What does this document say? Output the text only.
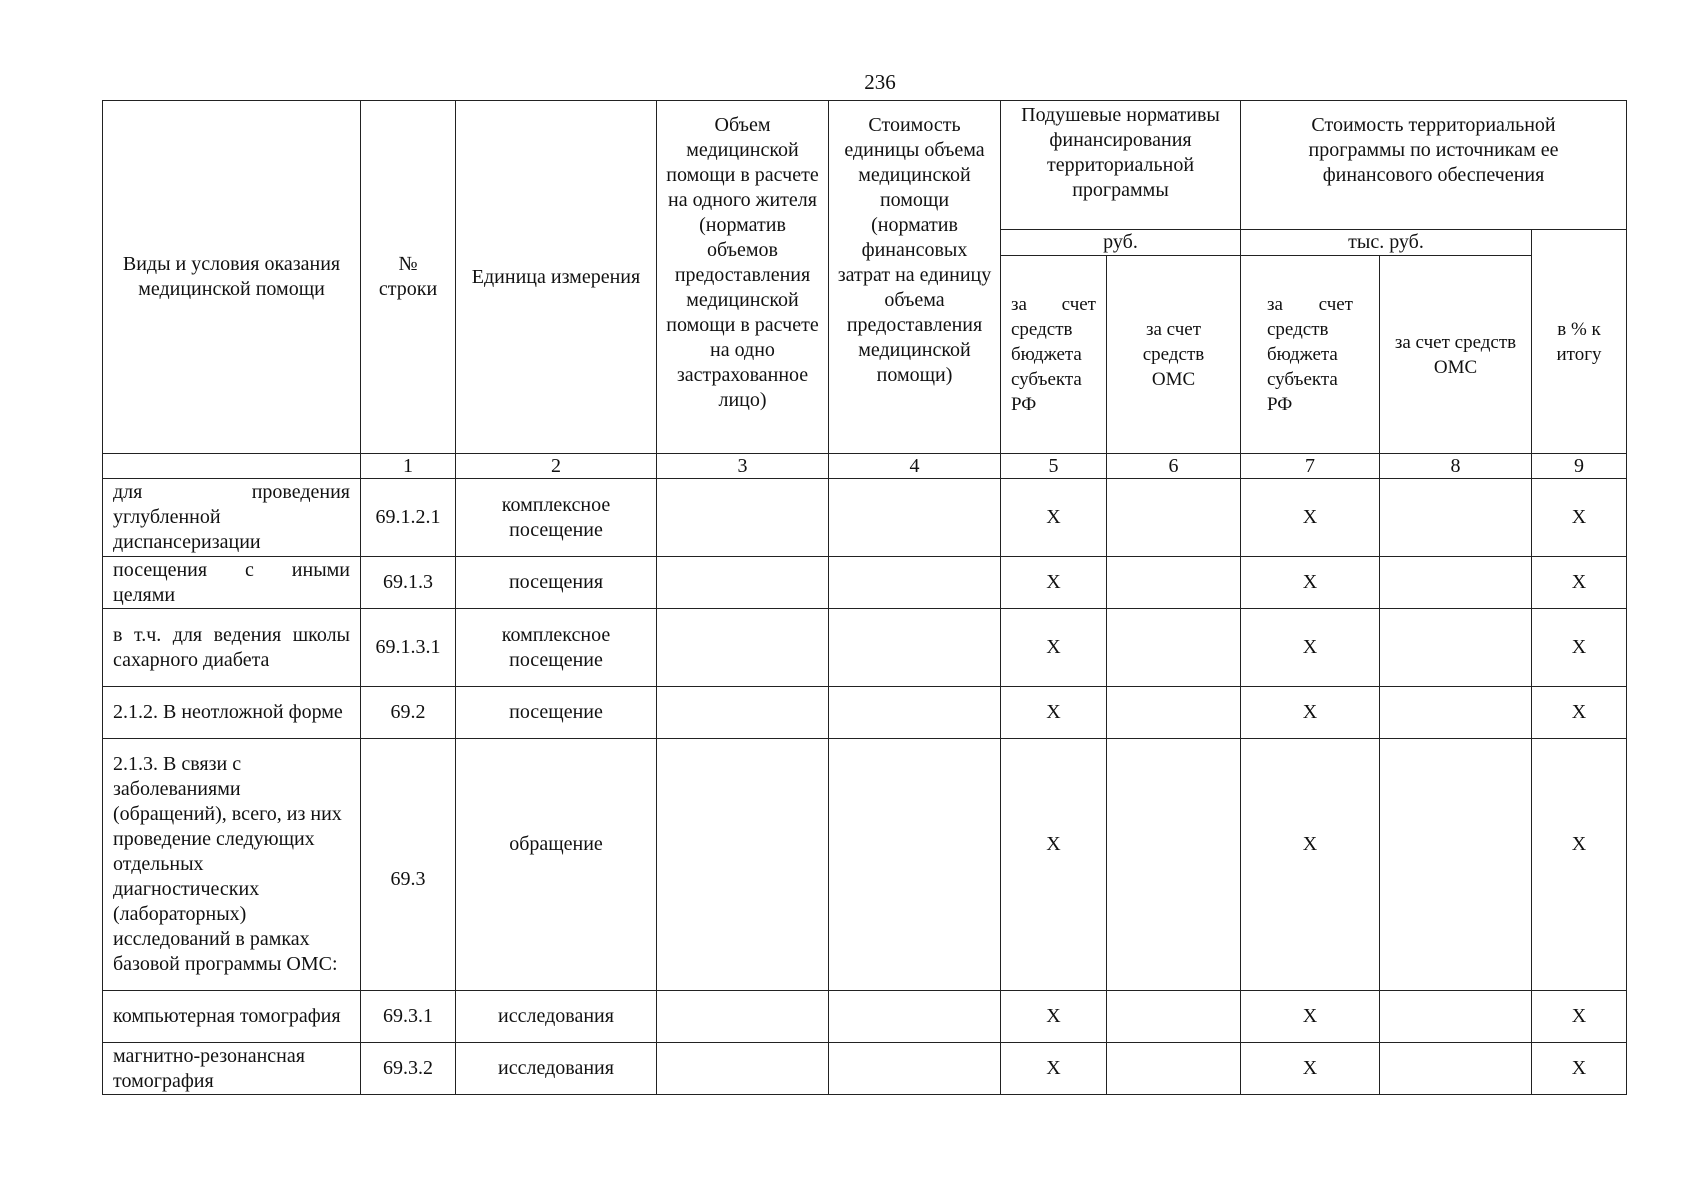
236
Виды и условия оказания медицинской помощи	№ строки	Единица измерения	Объем медицинской помощи в расчете на одного жителя (норматив объемов предоставления медицинской помощи в расчете на одно застрахованное лицо)	Стоимость единицы объема медицинской помощи (норматив финансовых затрат на единицу объема предоставления медицинской помощи)	Подушевые нормативы финансирования территориальной программы		Стоимость территориальной программы по источникам ее финансового обеспечения		
					руб.		тыс. руб.		в % к итогу
					за счет средств бюджета субъекта РФ	за счет средств ОМС	за счет средств бюджета субъекта РФ	за счет средств ОМС	
	1	2	3	4	5	6	7	8	9
для проведения углубленной диспансеризации	69.1.2.1	комплексное посещение			Х		Х		Х
посещения с иными целями	69.1.3	посещения			Х		Х		Х
в т.ч. для ведения школы сахарного диабета	69.1.3.1	комплексное посещение			Х		Х		Х
2.1.2. В неотложной форме	69.2	посещение			Х		Х		Х
2.1.3. В связи с заболеваниями (обращений), всего, из них проведение следующих отдельных диагностических (лабораторных) исследований в рамках базовой программы ОМС:	69.3	обращение			Х		Х		Х
компьютерная томография	69.3.1	исследования			Х		Х		Х
магнитно-резонансная томография	69.3.2	исследования			Х		Х		Х
